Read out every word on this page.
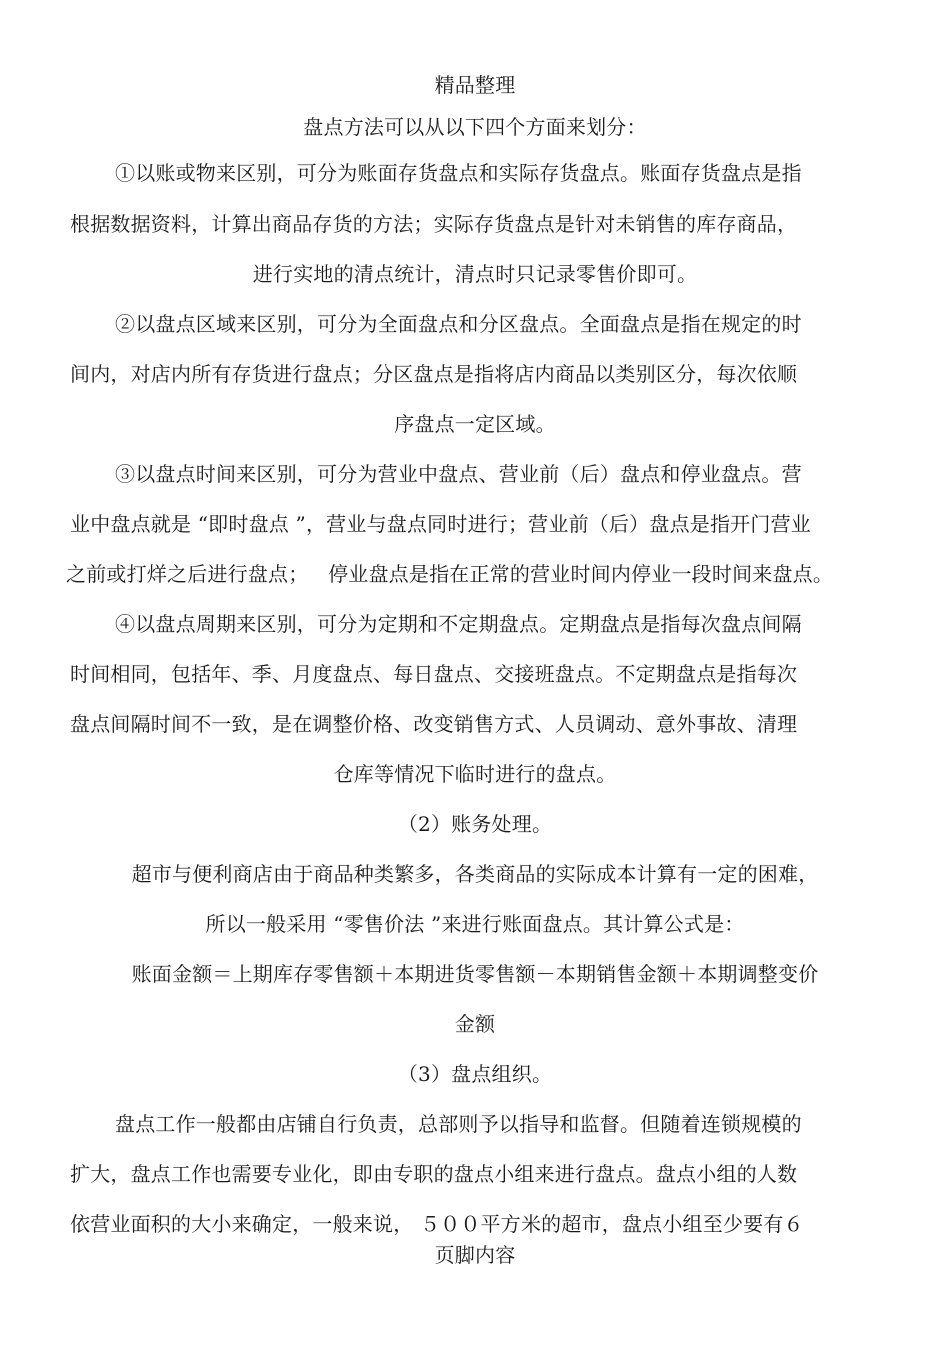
精品整理
盘点方法可以从以下四个方面来划分：
①以账或物来区别，可分为账面存货盘点和实际存货盘点。账面存货盘点是指
根据数据资料，计算出商品存货的方法；实际存货盘点是针对未销售的库存商品，
进行实地的清点统计，清点时只记录零售价即可。
②以盘点区域来区别，可分为全面盘点和分区盘点。全面盘点是指在规定的时
间内，对店内所有存货进行盘点；分区盘点是指将店内商品以类别区分，每次依顺
序盘点一定区域。
③以盘点时间来区别，可分为营业中盘点、营业前（后）盘点和停业盘点。营
业中盘点就是 “即时盘点 ”，营业与盘点同时进行；营业前（后）盘点是指开门营业
之前或打烊之后进行盘点；   停业盘点是指在正常的营业时间内停业一段时间来盘点。
④以盘点周期来区别，可分为定期和不定期盘点。定期盘点是指每次盘点间隔
时间相同，包括年、季、月度盘点、每日盘点、交接班盘点。不定期盘点是指每次
盘点间隔时间不一致，是在调整价格、改变销售方式、人员调动、意外事故、清理
仓库等情况下临时进行的盘点。
（2）账务处理。
超市与便利商店由于商品种类繁多，各类商品的实际成本计算有一定的困难，
所以一般采用 “零售价法 ”来进行账面盘点。其计算公式是：
账面金额＝上期库存零售额＋本期进货零售额－本期销售金额＋本期调整变价
金额
（3）盘点组织。
盘点工作一般都由店铺自行负责，总部则予以指导和监督。但随着连锁规模的
扩大，盘点工作也需要专业化，即由专职的盘点小组来进行盘点。盘点小组的人数
依营业面积的大小来确定，一般来说， ５００平方米的超市，盘点小组至少要有６
页脚内容
